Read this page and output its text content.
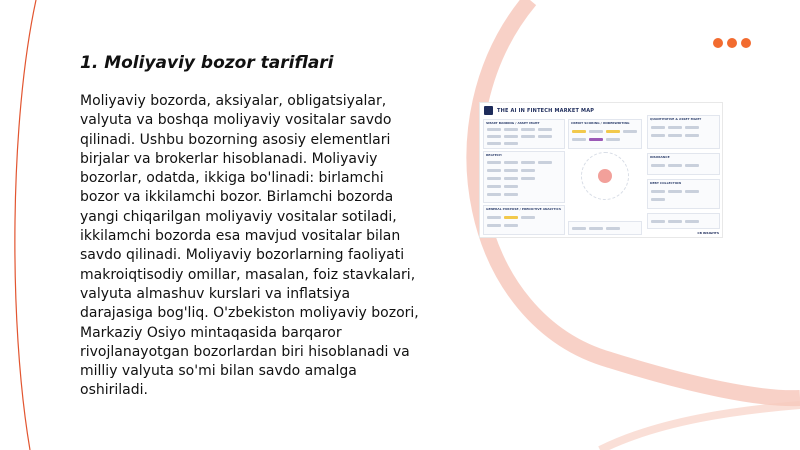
1. Moliyaviy bozor tariflari

Moliyaviy bozorda, aksiyalar, obligatsiyalar, valyuta va boshqa moliyaviy vositalar savdo qilinadi. Ushbu bozorning asosiy elementlari birjalar va brokerlar hisoblanadi. Moliyaviy bozorlar, odatda, ikkiga bo'linadi: birlamchi bozor va ikkilamchi bozor. Birlamchi bozorda yangi chiqarilgan moliyaviy vositalar sotiladi, ikkilamchi bozorda esa mavjud vositalar bilan savdo qilinadi. Moliyaviy bozorlarning faoliyati makroiqtisodiy omillar, masalan, foiz stavkalari, valyuta almashuv kurslari va inflatsiya darajasiga bog'liq. O'zbekiston moliyaviy bozori, Markaziy Osiyo mintaqasida barqaror rivojlanayotgan bozorlardan biri hisoblanadi va milliy valyuta so'mi bilan savdo amalga oshiriladi.

THE AI IN FINTECH MARKET MAP
SMART BANKING / ASSET MGMT	CREDIT SCORING / UNDERWRITING
QUANTITATIVE & ASSET MGMT
REGTECH	INSURANCE
DEBT COLLECTION
GENERAL PURPOSE / PREDICTIVE ANALYTICS
CB INSIGHTS
